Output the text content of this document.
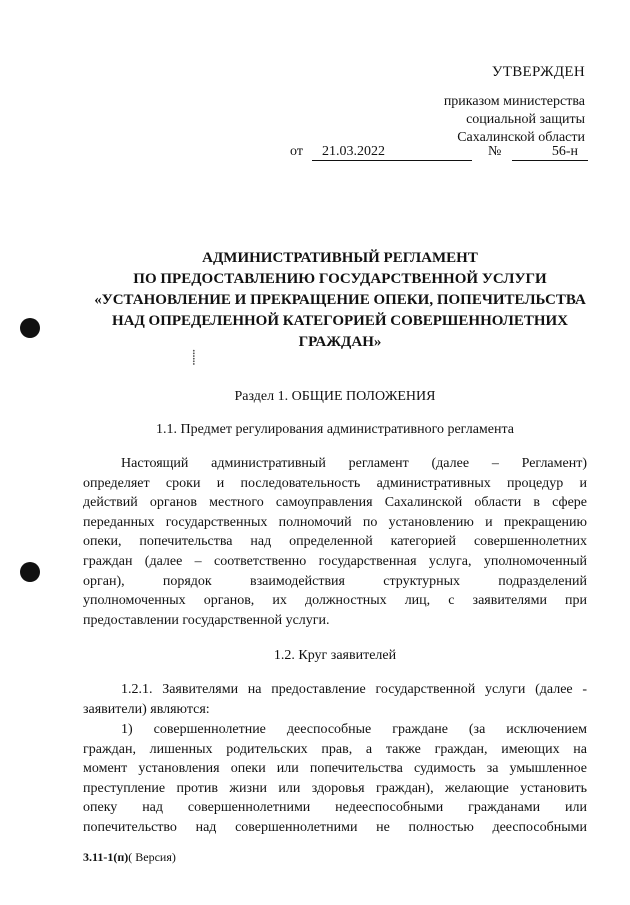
УТВЕРЖДЕН
приказом министерства
социальной защиты
Сахалинской области
от	21.03.2022	№	56-н
АДМИНИСТРАТИВНЫЙ РЕГЛАМЕНТ
ПО ПРЕДОСТАВЛЕНИЮ ГОСУДАРСТВЕННОЙ УСЛУГИ
«УСТАНОВЛЕНИЕ И ПРЕКРАЩЕНИЕ ОПЕКИ, ПОПЕЧИТЕЛЬСТВА
НАД ОПРЕДЕЛЕННОЙ КАТЕГОРИЕЙ СОВЕРШЕННОЛЕТНИХ
ГРАЖДАН»
⸽
Раздел 1. ОБЩИЕ ПОЛОЖЕНИЯ
1.1. Предмет регулирования административного регламента
Настоящий административный регламент (далее – Регламент)
определяет сроки и последовательность административных процедур и
действий органов местного самоуправления Сахалинской области в сфере
переданных государственных полномочий по установлению и прекращению
опеки, попечительства над определенной категорией совершеннолетних
граждан (далее – соответственно государственная услуга, уполномоченный
орган), порядок взаимодействия структурных подразделений
уполномоченных органов, их должностных лиц, с заявителями при
предоставлении государственной услуги.
1.2. Круг заявителей
1.2.1. Заявителями на предоставление государственной услуги (далее -
заявители) являются:
1) совершеннолетние дееспособные граждане (за исключением
граждан, лишенных родительских прав, а также граждан, имеющих на
момент установления опеки или попечительства судимость за умышленное
преступление против жизни или здоровья граждан), желающие установить
опеку над совершеннолетними недееспособными гражданами или
попечительство над совершеннолетними не полностью дееспособными
3.11-1(п)( Версия)
